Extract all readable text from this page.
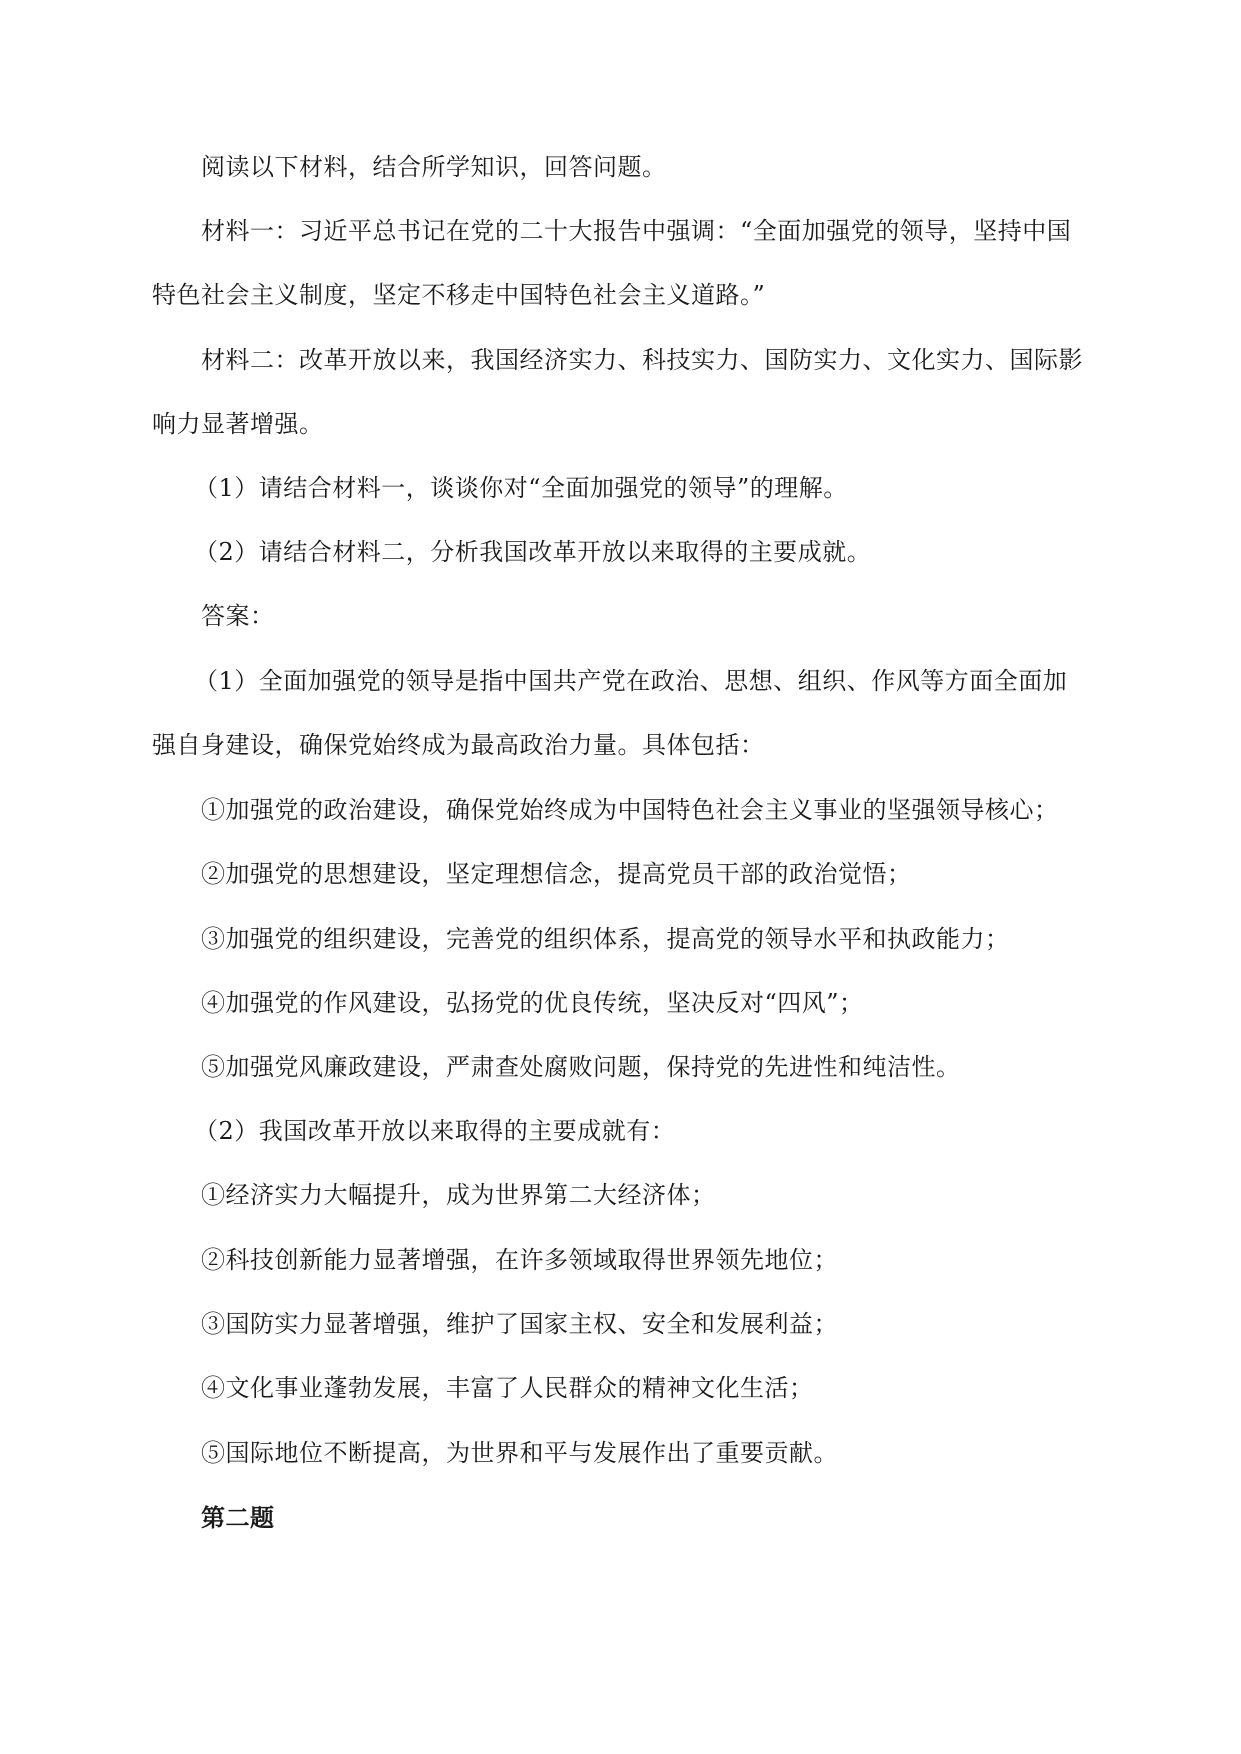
阅读以下材料，结合所学知识，回答问题。
材料一：习近平总书记在党的二十大报告中强调：“全面加强党的领导，坚持中国
特色社会主义制度，坚定不移走中国特色社会主义道路。”
材料二：改革开放以来，我国经济实力、科技实力、国防实力、文化实力、国际影
响力显著增强。
（1）请结合材料一，谈谈你对“全面加强党的领导”的理解。
（2）请结合材料二，分析我国改革开放以来取得的主要成就。
答案：
（1）全面加强党的领导是指中国共产党在政治、思想、组织、作风等方面全面加
强自身建设，确保党始终成为最高政治力量。具体包括：
①加强党的政治建设，确保党始终成为中国特色社会主义事业的坚强领导核心；
②加强党的思想建设，坚定理想信念，提高党员干部的政治觉悟；
③加强党的组织建设，完善党的组织体系，提高党的领导水平和执政能力；
④加强党的作风建设，弘扬党的优良传统，坚决反对“四风”；
⑤加强党风廉政建设，严肃查处腐败问题，保持党的先进性和纯洁性。
（2）我国改革开放以来取得的主要成就有：
①经济实力大幅提升，成为世界第二大经济体；
②科技创新能力显著增强，在许多领域取得世界领先地位；
③国防实力显著增强，维护了国家主权、安全和发展利益；
④文化事业蓬勃发展，丰富了人民群众的精神文化生活；
⑤国际地位不断提高，为世界和平与发展作出了重要贡献。
第二题
